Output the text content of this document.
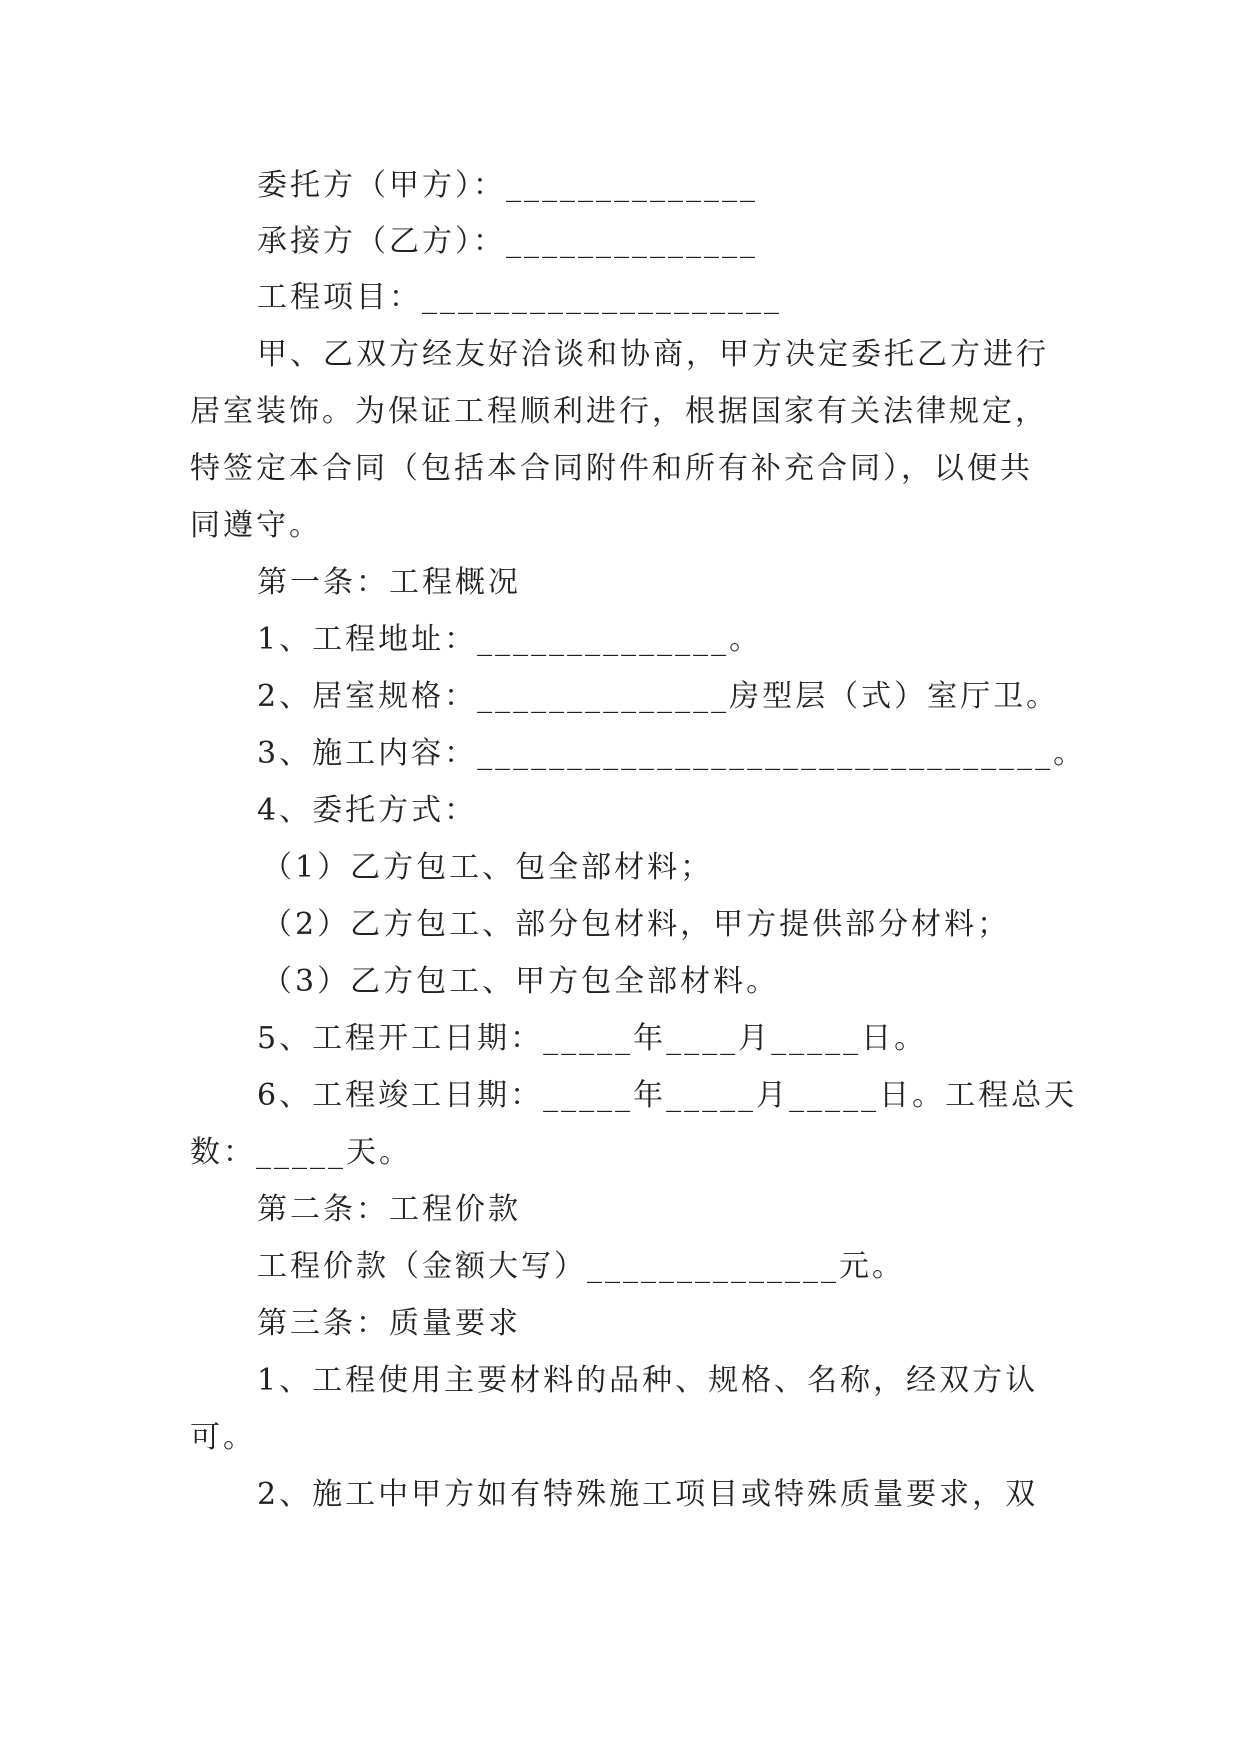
委托方（甲方）：______________
承接方（乙方）：______________
工程项目：____________________
甲、乙双方经友好洽谈和协商，甲方决定委托乙方进行
居室装饰。为保证工程顺利进行，根据国家有关法律规定，
特签定本合同（包括本合同附件和所有补充合同），以便共
同遵守。
第一条：工程概况
1、工程地址：______________。
2、居室规格：______________房型层（式）室厅卫。
3、施工内容：________________________________。
4、委托方式：
（1）乙方包工、包全部材料；
（2）乙方包工、部分包材料，甲方提供部分材料；
（3）乙方包工、甲方包全部材料。
5、工程开工日期：_____年____月_____日。
6、工程竣工日期：_____年_____月_____日。工程总天
数：_____天。
第二条：工程价款
工程价款（金额大写）______________元。
第三条：质量要求
1、工程使用主要材料的品种、规格、名称，经双方认
可。
2、施工中甲方如有特殊施工项目或特殊质量要求，双
